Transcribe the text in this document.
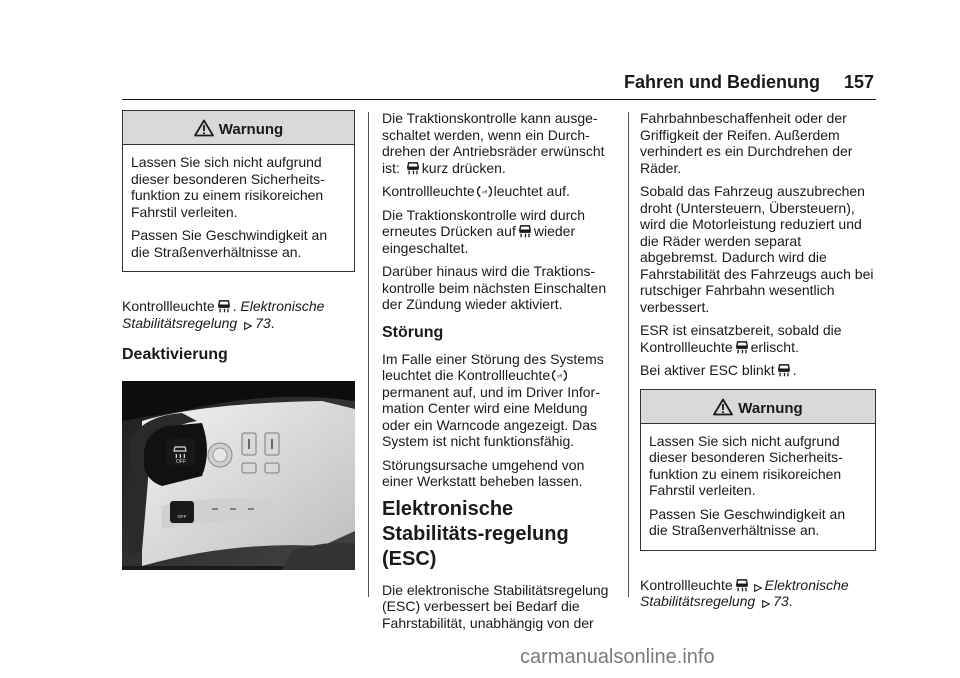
Fahren und Bedienung 157
Warnung

Lassen Sie sich nicht aufgrund dieser besonderen Sicherheits-funktion zu einem risikoreichen Fahrstil verleiten.

Passen Sie Geschwindigkeit an die Straßenverhältnisse an.

Kontrollleuchte . Elektronische Stabilitätsregelung 73.

Deaktivierung
OFF
OFF

Die Traktionskontrolle kann ausge-schaltet werden, wenn ein Durch-drehen der Antriebsräder erwünscht ist: kurz drücken.

Kontrollleuchte leuchtet auf.

Die Traktionskontrolle wird durch erneutes Drücken auf wieder eingeschaltet.

Darüber hinaus wird die Traktions-kontrolle beim nächsten Einschalten der Zündung wieder aktiviert.

Störung

Im Falle einer Störung des Systems leuchtet die Kontrollleuchte permanent auf, und im Driver Infor-mation Center wird eine Meldung oder ein Warncode angezeigt. Das System ist nicht funktionsfähig.

Störungsursache umgehend von einer Werkstatt beheben lassen.

Elektronische Stabilitäts-regelung (ESC)

Die elektronische Stabilitätsregelung (ESC) verbessert bei Bedarf die Fahrstabilität, unabhängig von der

Fahrbahnbeschaffenheit oder der Griffigkeit der Reifen. Außerdem verhindert es ein Durchdrehen der Räder.

Sobald das Fahrzeug auszubrechen droht (Untersteuern, Übersteuern), wird die Motorleistung reduziert und die Räder werden separat abgebremst. Dadurch wird die Fahrstabilität des Fahrzeugs auch bei rutschiger Fahrbahn wesentlich verbessert.

ESR ist einsatzbereit, sobald die

Kontrollleuchte erlischt.

Bei aktiver ESC blinkt .

Warnung

Lassen Sie sich nicht aufgrund dieser besonderen Sicherheits-funktion zu einem risikoreichen Fahrstil verleiten.

Passen Sie Geschwindigkeit an die Straßenverhältnisse an.

Kontrollleuchte Elektronische Stabilitätsregelung 73.

carmanualsonline.info
